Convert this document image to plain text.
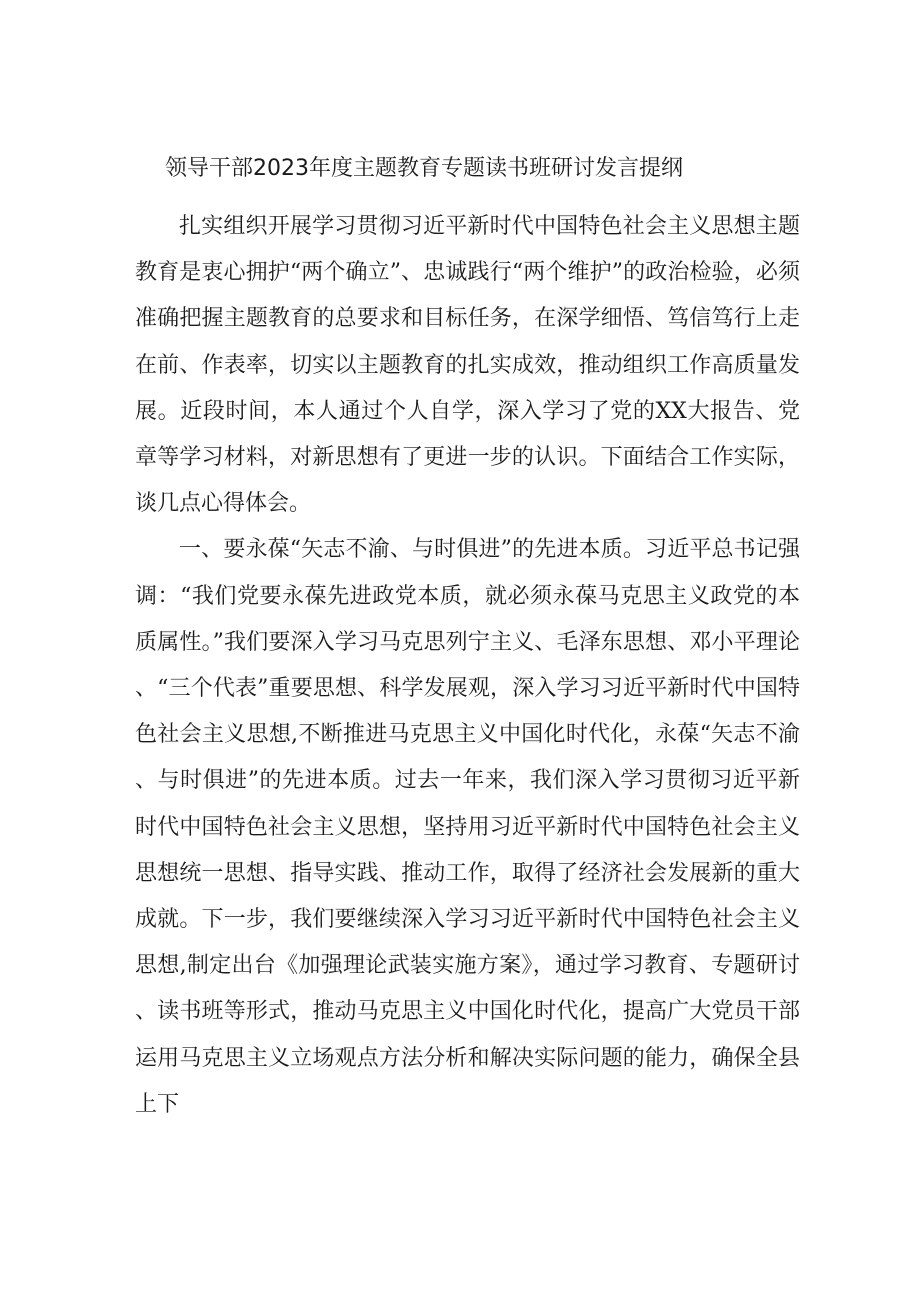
领导干部2023年度主题教育专题读书班研讨发言提纲

扎实组织开展学习贯彻习近平新时代中国特色社会主义思想主题教育是衷心拥护“两个确立”、忠诚践行“两个维护”的政治检验，必须准确把握主题教育的总要求和目标任务，在深学细悟、笃信笃行上走在前、作表率，切实以主题教育的扎实成效，推动组织工作高质量发展。近段时间，本人通过个人自学，深入学习了党的XX大报告、党章等学习材料，对新思想有了更进一步的认识。下面结合工作实际，谈几点心得体会。

一、要永葆“矢志不渝、与时俱进”的先进本质。习近平总书记强调：“我们党要永葆先进政党本质，就必须永葆马克思主义政党的本质属性。”我们要深入学习马克思列宁主义、毛泽东思想、邓小平理论、“三个代表”重要思想、科学发展观，深入学习习近平新时代中国特色社会主义思想,不断推进马克思主义中国化时代化，永葆“矢志不渝、与时俱进”的先进本质。过去一年来，我们深入学习贯彻习近平新时代中国特色社会主义思想，坚持用习近平新时代中国特色社会主义思想统一思想、指导实践、推动工作，取得了经济社会发展新的重大成就。下一步，我们要继续深入学习习近平新时代中国特色社会主义思想,制定出台《加强理论武装实施方案》，通过学习教育、专题研讨、读书班等形式，推动马克思主义中国化时代化，提高广大党员干部运用马克思主义立场观点方法分析和解决实际问题的能力，确保全县上下
